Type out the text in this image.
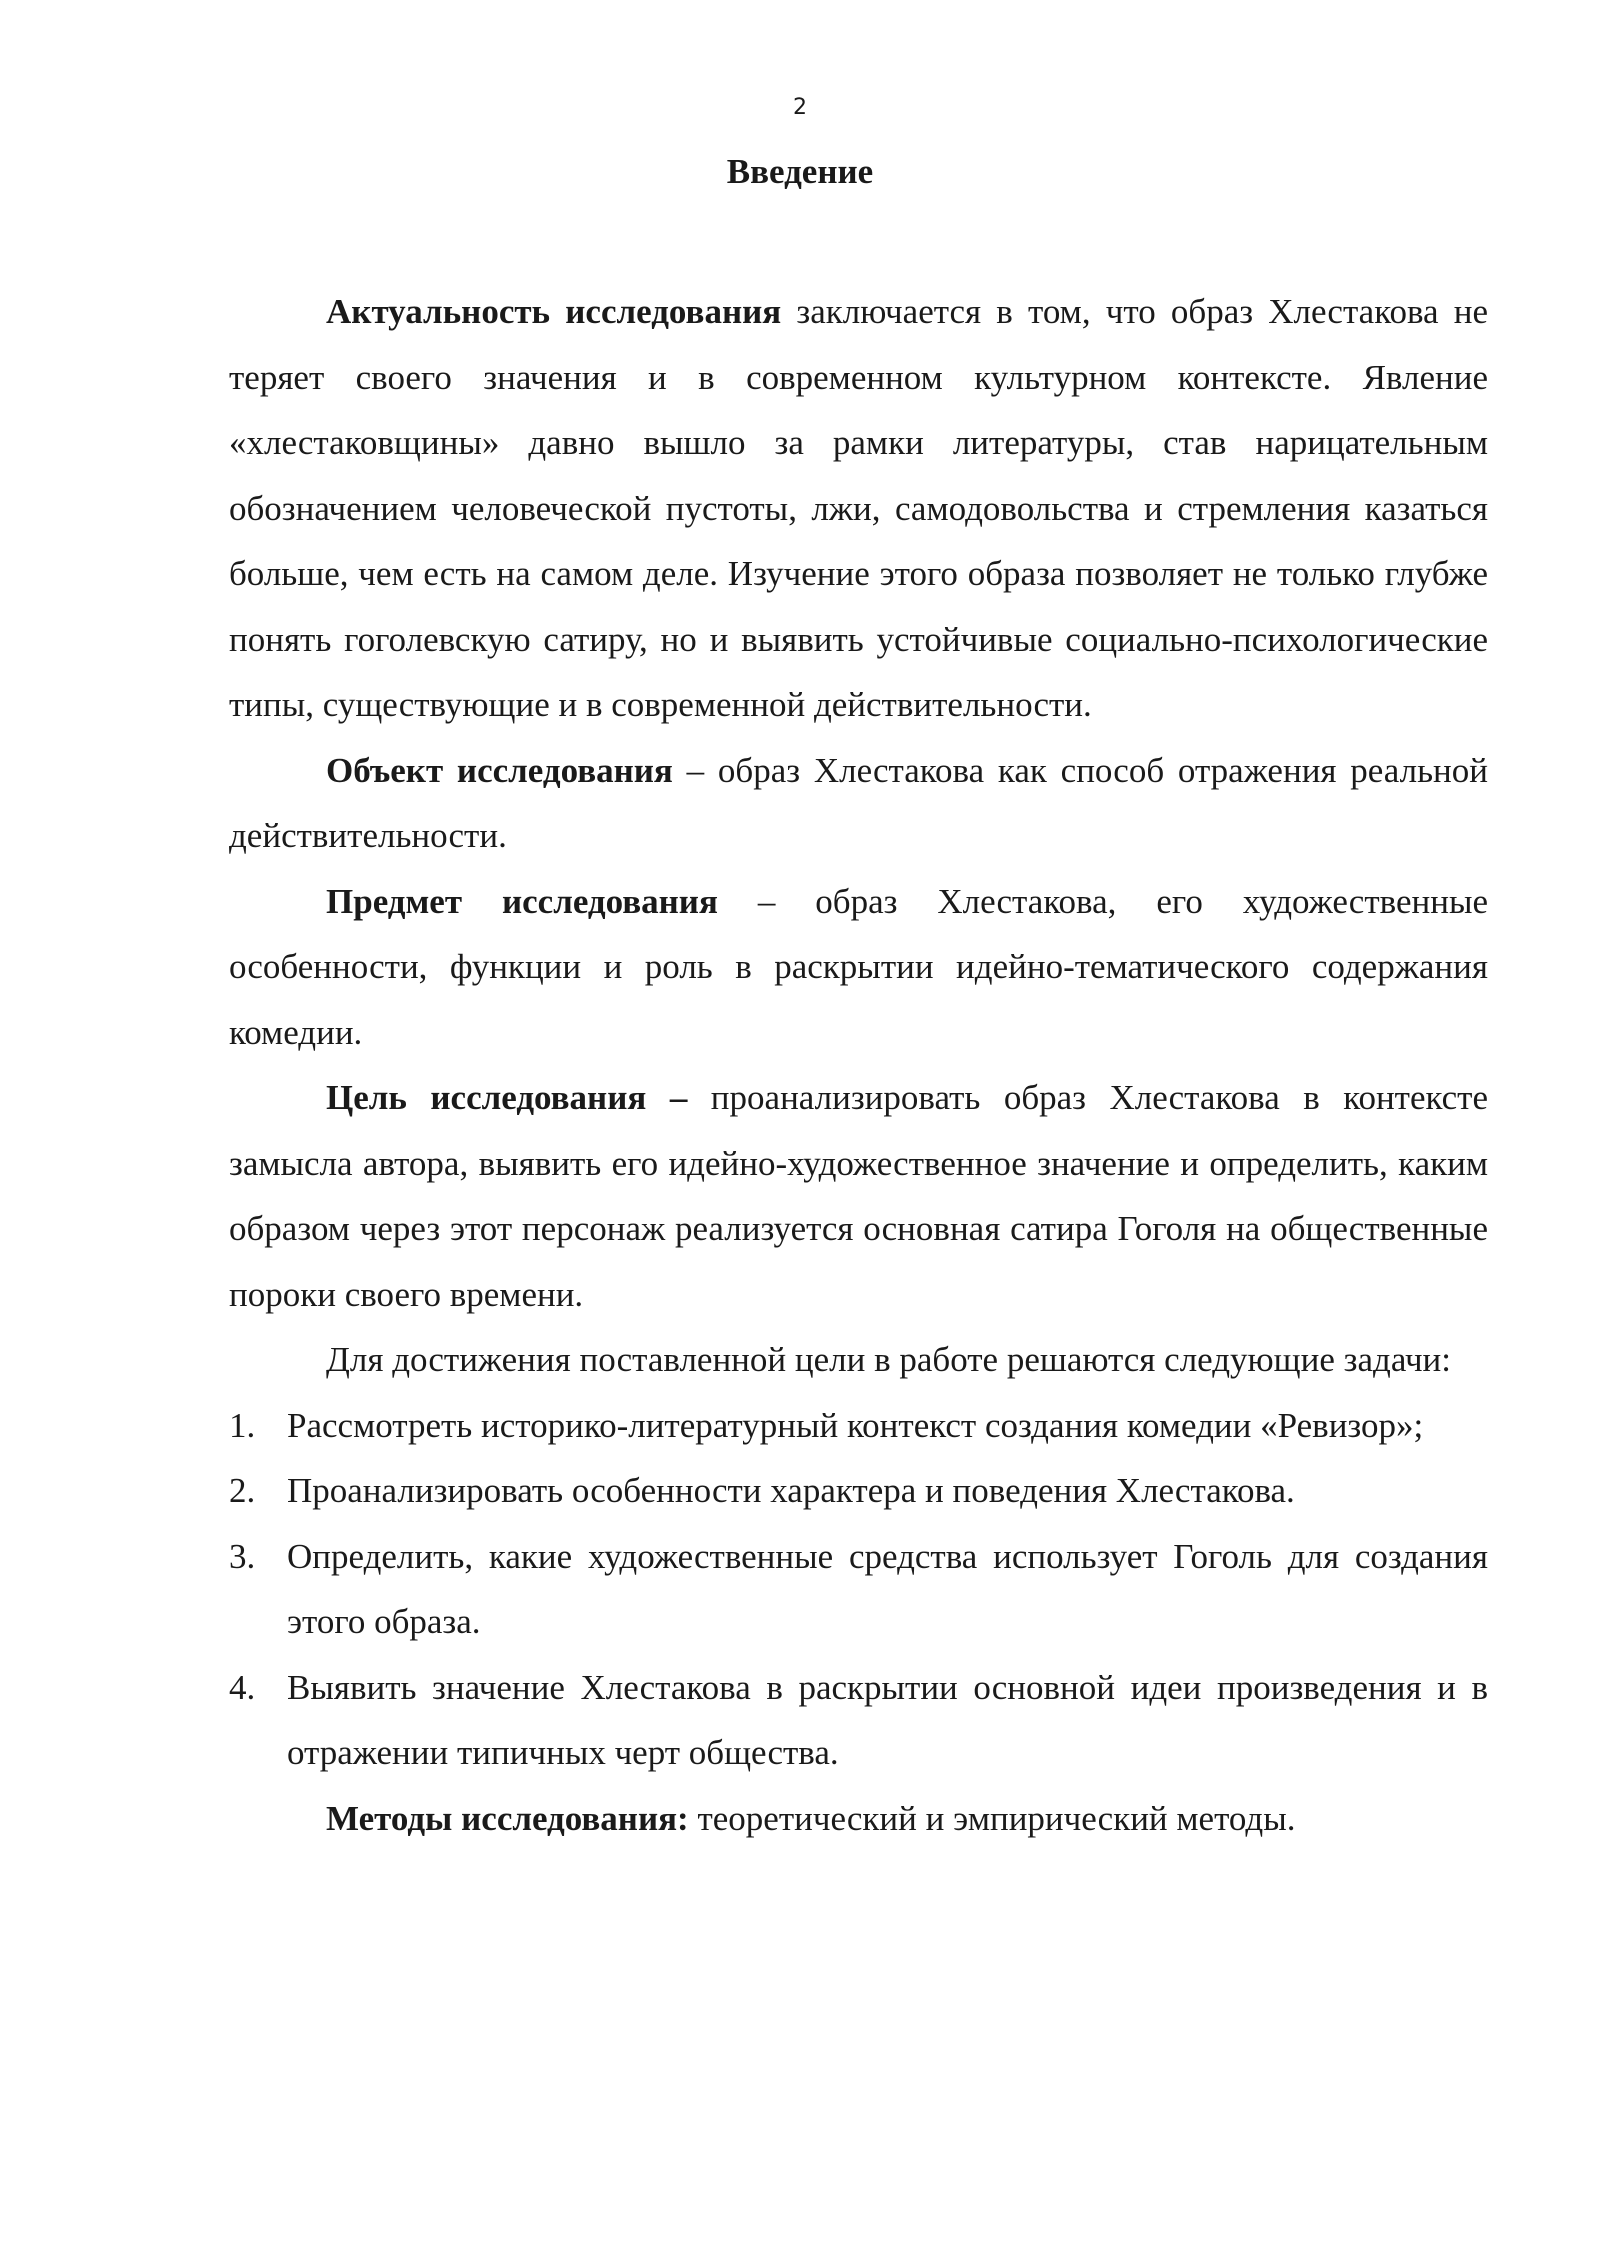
2

Введение

Актуальность исследования заключается в том, что образ Хлестакова не теряет своего значения и в современном культурном контексте. Явление «хлестаковщины» давно вышло за рамки литературы, став нарицательным обозначением человеческой пустоты, лжи, самодовольства и стремления казаться больше, чем есть на самом деле. Изучение этого образа позволяет не только глубже понять гоголевскую сатиру, но и выявить устойчивые социально-психологические типы, существующие и в современной действительности.

Объект исследования – образ Хлестакова как способ отражения реальной действительности.

Предмет исследования – образ Хлестакова, его художественные особенности, функции и роль в раскрытии идейно-тематического содержания комедии.

Цель исследования – проанализировать образ Хлестакова в контексте замысла автора, выявить его идейно-художественное значение и определить, каким образом через этот персонаж реализуется основная сатира Гоголя на общественные пороки своего времени.

Для достижения поставленной цели в работе решаются следующие задачи:

1. Рассмотреть историко-литературный контекст создания комедии «Ревизор»;
2. Проанализировать особенности характера и поведения Хлестакова.
3. Определить, какие художественные средства использует Гоголь для создания этого образа.
4. Выявить значение Хлестакова в раскрытии основной идеи произведения и в отражении типичных черт общества.

Методы исследования: теоретический и эмпирический методы.
